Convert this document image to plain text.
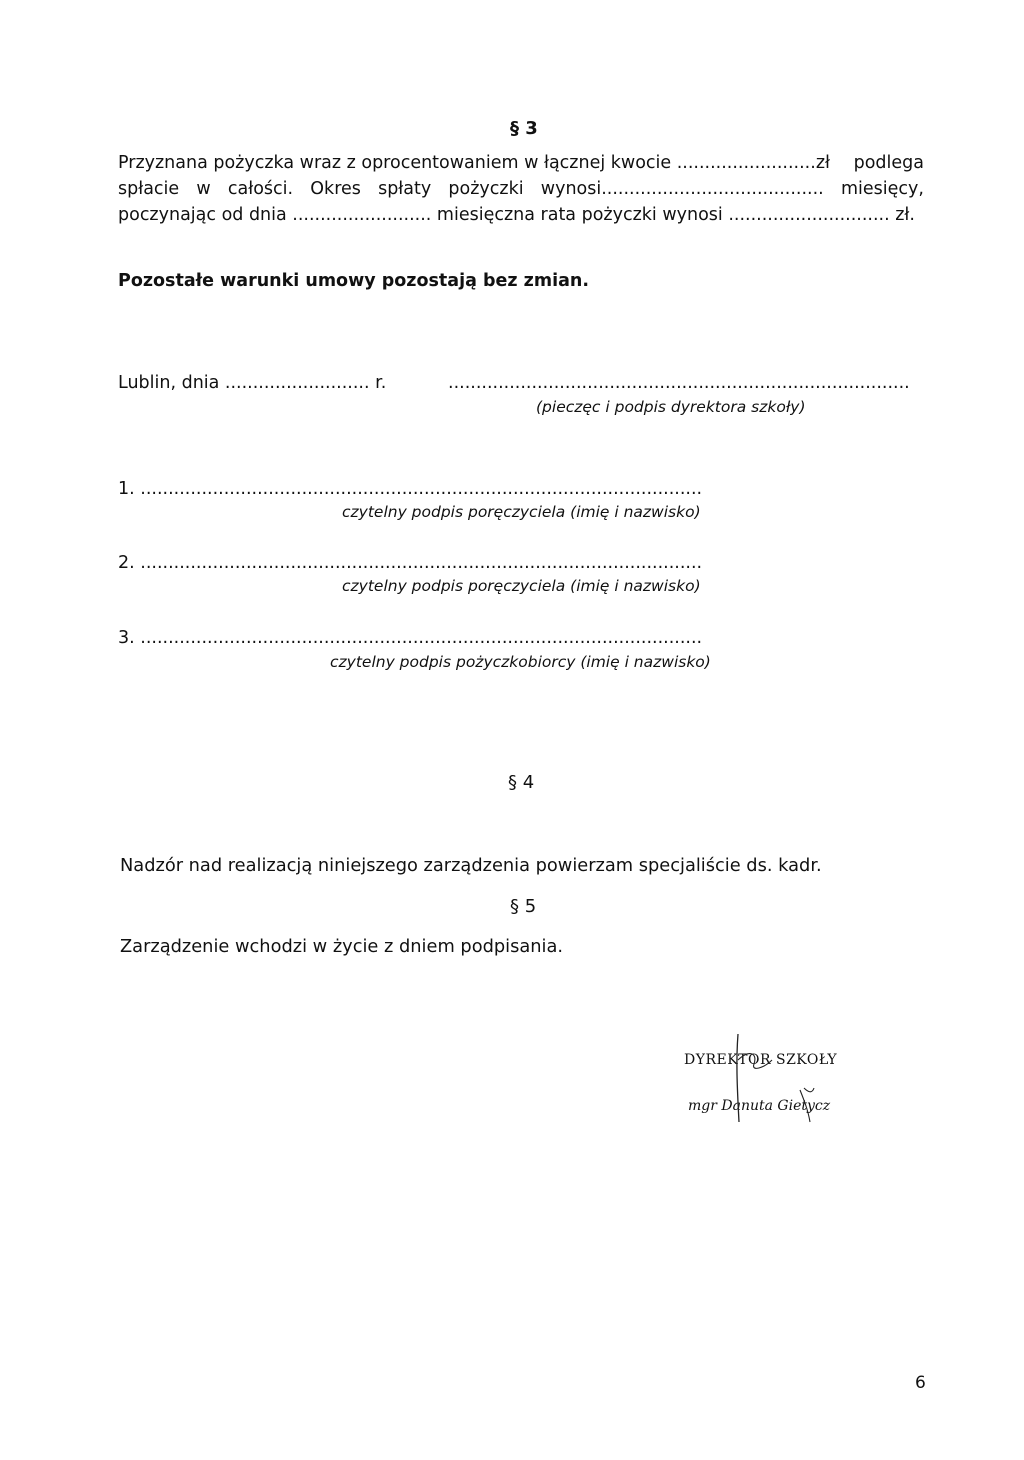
§ 3
Przyznana pożyczka wraz z oprocentowaniem w łącznej kwocie .........................zł podlega
spłacie w całości. Okres spłaty pożyczki wynosi........................................ miesięcy,
poczynając od dnia ......................... miesięczna rata pożyczki wynosi ............................. zł.
Pozostałe warunki umowy pozostają bez zmian.
Lublin, dnia .......................... r.	...................................................................................
(pieczęc i podpis dyrektora szkoły)
1. .....................................................................................................
czytelny podpis poręczyciela (imię i nazwisko)
2. .....................................................................................................
czytelny podpis poręczyciela (imię i nazwisko)
3. .....................................................................................................
czytelny podpis pożyczkobiorcy (imię i nazwisko)
§ 4
Nadzór nad realizacją niniejszego zarządzenia powierzam specjaliście ds. kadr.
§ 5
Zarządzenie wchodzi w życie z dniem podpisania.
DYREKTOR SZKOŁY
mgr Danuta Gietycz
6
